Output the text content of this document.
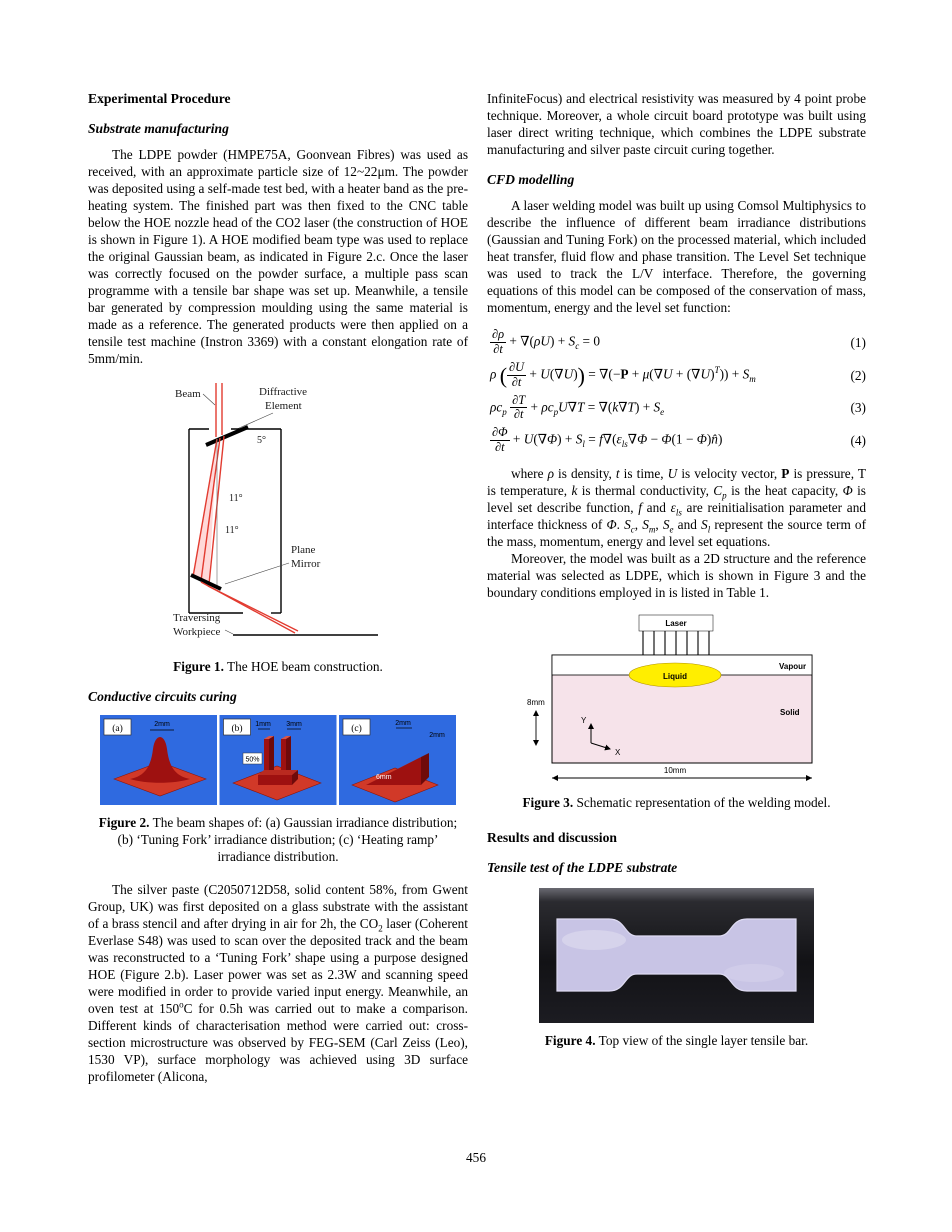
Experimental Procedure
Substrate manufacturing

The LDPE powder (HMPE75A, Goonvean Fibres) was used as received, with an approximate particle size of 12~22μm. The powder was deposited using a self-made test bed, with a heater band as the pre-heating system. The finished part was then fixed to the CNC table below the HOE nozzle head of the CO2 laser (the construction of HOE is shown in Figure 1). A HOE modified beam type was used to replace the original Gaussian beam, as indicated in Figure 2.c. Once the laser was correctly focused on the powder surface, a multiple pass scan programme with a tensile bar shape was set up. Meanwhile, a tensile bar generated by compression moulding using the same material is made as a reference. The generated products were then applied on a tensile test machine (Instron 3369) with a constant elongation rate of 5mm/min.

Beam	Diffractive
Element
5°
11°
11°
Plane
Mirror
Traversing
Workpiece

Figure 1. The HOE beam construction.

Conductive circuits curing
(a)	2mm	(b) 1mm 3mm
50%
(c)
2mm
2mm
6mm

Figure 2. The beam shapes of: (a) Gaussian irradiance distribution; (b) ‘Tuning Fork’ irradiance distribution; (c) ‘Heating ramp’ irradiance distribution.

The silver paste (C2050712D58, solid content 58%, from Gwent Group, UK) was first deposited on a glass substrate with the assistant of a brass stencil and after drying in air for 2h, the $CO_2$ laser (Coherent Everlase S48) was used to scan over the deposited track and the beam was reconstructed to a ‘Tuning Fork’ shape using a purpose designed HOE (Figure 2.b). Laser power was set as 2.3W and scanning speed were modified in order to provide varied input energy. Meanwhile, an oven test at 150$^o$C for 0.5h was carried out to make a comparison. Different kinds of characterisation method were carried out: cross-section microstructure was observed by FEG-SEM (Carl Zeiss (Leo), 1530 VP), surface morphology was achieved using 3D surface profilometer (Alicona,

InfiniteFocus) and electrical resistivity was measured by 4 point probe technique. Moreover, a whole circuit board prototype was built using laser direct writing technique, which combines the LDPE substrate manufacturing and silver paste circuit curing together.

CFD modelling

A laser welding model was built up using Comsol Multiphysics to describe the influence of different beam irradiance distributions (Gaussian and Tuning Fork) on the processed material, which included heat transfer, fluid flow and phase transition. The Level Set technique was used to track the L/V interface. Therefore, the governing equations of this model can be composed of the conservation of mass, momentum, energy and the level set function:

$\frac{\partial\rho}{\partial t} + \nabla(\rho U) + S_c = 0$	(1)
ρ ( $\frac{\partial U}{\partial t} + U(\nabla U)) = \nabla(-P + \mu(\nabla U + (\nabla U)^T)) + S_m$	(2)
$\rho c_p \frac{\partial T}{\partial t} + \rho c_pU\nabla T = \nabla(k\nabla T) + S_e$	(3)
$\frac{\partial\Phi}{\partial t} + U(\nabla\Phi) + S_l = f\nabla(\varepsilon_{ls}\nabla\Phi - \Phi(1$ − Φ)n̂)	(4)

where ρ is density, t is time, U is velocity vector, P is pressure, T is temperature, k is thermal conductivity, $C_p$ is the heat capacity, Φ is level set describe function, f and $\varepsilon_{ls}$ are reinitialisation parameter and interface thickness of Φ. $S_c$, $S_m$, $S_e$ and $S_l$ represent the source term of the mass, momentum, energy and level set equations.

Moreover, the model was built as a 2D structure and the reference material was selected as LDPE, which is shown in Figure 3 and the boundary conditions employed in is listed in Table 1.

Laser
Vapour
Liquid
Solid
8mm
10mm
Y
X

Figure 3. Schematic representation of the welding model.

Results and discussion
Tensile test of the LDPE substrate

Figure 4. Top view of the single layer tensile bar.

456
